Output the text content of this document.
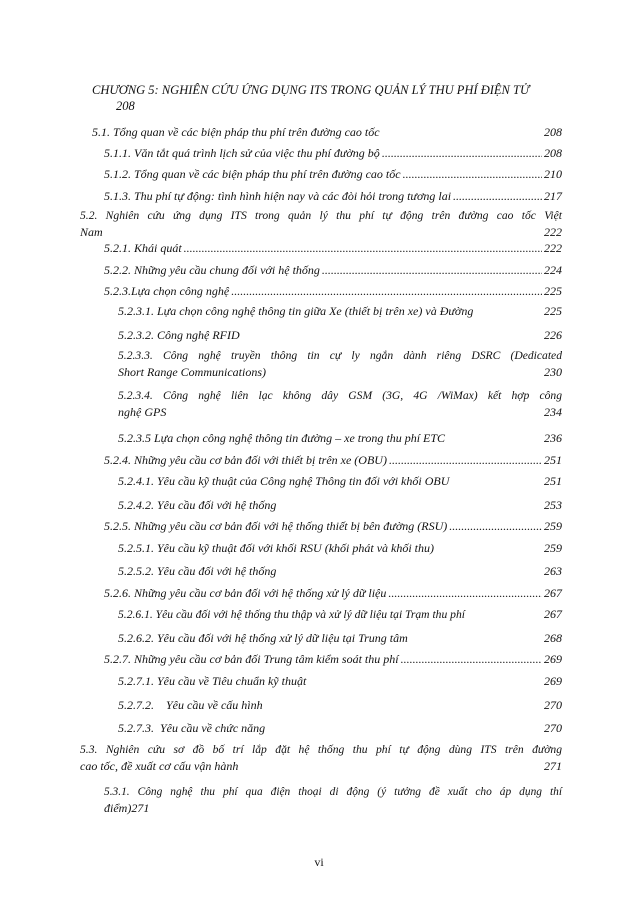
CHƯƠNG 5: NGHIÊN CỨU ỨNG DỤNG ITS TRONG QUẢN LÝ THU PHÍ ĐIỆN TỬ
208
5.1. Tổng quan về các biện pháp thu phí trên đường cao tốc	208
5.1.1. Văn tắt quá trình lịch sử của việc thu phí đường bộ . . .	208
5.1.2. Tổng quan về các biện pháp thu phí trên đường cao tốc . . .	210
5.1.3. Thu phí tự động: tình hình hiện nay và các đòi hỏi trong tương lai . . .	217
5.2. Nghiên cứu ứng dụng ITS trong quản lý thu phí tự động trên đường cao tốc Việt
Nam	222
5.2.1. Khái quát . . .	222
5.2.2. Những yêu cầu chung đối với hệ thống . . .	224
5.2.3.Lựa chọn công nghệ . . .	225
5.2.3.1. Lựa chọn công nghệ thông tin giữa Xe (thiết bị trên xe) và Đường	225
5.2.3.2. Công nghệ RFID	226
5.2.3.3. Công nghệ truyền thông tin cự ly ngắn dành riêng DSRC (Dedicated
Short Range Communications)	230
5.2.3.4. Công nghệ liên lạc không dây GSM (3G, 4G /WiMax) kết hợp công
nghệ GPS	234
5.2.3.5 Lựa chọn công nghệ thông tin đường – xe trong thu phí ETC	236
5.2.4. Những yêu cầu cơ bản đối với thiết bị trên xe (OBU) . . .	251
5.2.4.1. Yêu cầu kỹ thuật của Công nghệ Thông tin đối với khối OBU	251
5.2.4.2. Yêu cầu đối với hệ thống	253
5.2.5. Những yêu cầu cơ bản đối với hệ thống thiết bị bên đường (RSU) . . .	259
5.2.5.1. Yêu cầu kỹ thuật đối với khối RSU (khối phát và khối thu)	259
5.2.5.2. Yêu cầu đối với hệ thống	263
5.2.6. Những yêu cầu cơ bản đối với hệ thống xử lý dữ liệu . . .	267
5.2.6.1. Yêu cầu đối với hệ thống thu thập và xử lý dữ liệu tại Trạm thu phí	267
5.2.6.2. Yêu cầu đối với hệ thống xử lý dữ liệu tại Trung tâm	268
5.2.7. Những yêu cầu cơ bản đối Trung tâm kiểm soát thu phí . . .	269
5.2.7.1. Yêu cầu về Tiêu chuẩn kỹ thuật	269
5.2.7.2.    Yêu cầu về cấu hình	270
5.2.7.3.  Yêu cầu về chức năng	270
5.3. Nghiên cứu sơ đồ bố trí lắp đặt hệ thống thu phí tự động dùng ITS trên đường
cao tốc, đề xuất cơ cấu vận hành	271
5.3.1. Công nghệ thu phí qua điện thoại di động (ý tưởng đề xuất cho áp dụng thí
điểm)271
vi
